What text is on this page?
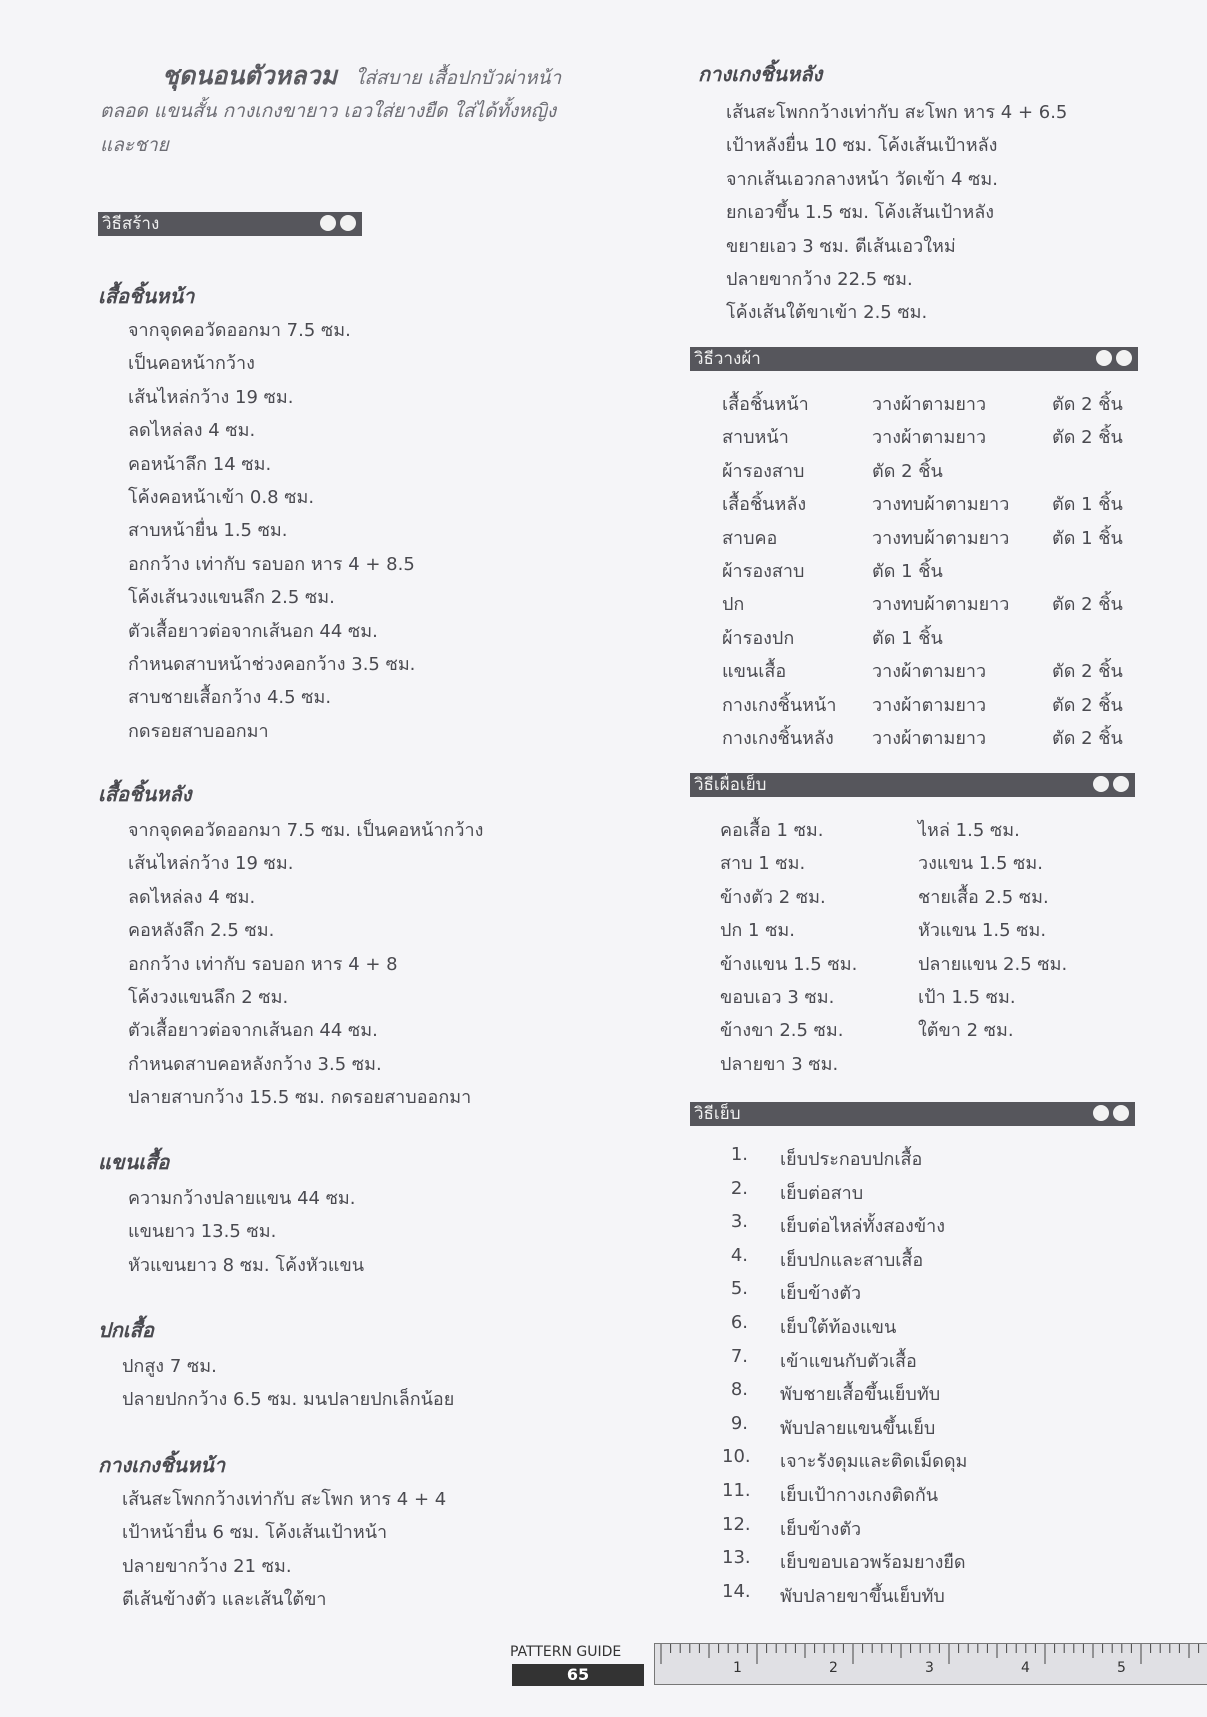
ชุดนอนตัวหลวม ใส่สบาย เสื้อปกบัวผ่าหน้า
ตลอด แขนสั้น กางเกงขายาว เอวใส่ยางยืด ใส่ได้ทั้งหญิง
และชาย
วิธีสร้าง
เสื้อชิ้นหน้า
จากจุดคอวัดออกมา 7.5 ซม.
เป็นคอหน้ากว้าง
เส้นไหล่กว้าง 19 ซม.
ลดไหล่ลง 4 ซม.
คอหน้าลึก 14 ซม.
โค้งคอหน้าเข้า 0.8 ซม.
สาบหน้ายื่น 1.5 ซม.
อกกว้าง เท่ากับ รอบอก หาร 4 + 8.5
โค้งเส้นวงแขนลึก 2.5 ซม.
ตัวเสื้อยาวต่อจากเส้นอก 44 ซม.
กำหนดสาบหน้าช่วงคอกว้าง 3.5 ซม.
สาบชายเสื้อกว้าง 4.5 ซม.
กดรอยสาบออกมา
เสื้อชิ้นหลัง
จากจุดคอวัดออกมา 7.5 ซม. เป็นคอหน้ากว้าง
เส้นไหล่กว้าง 19 ซม.
ลดไหล่ลง 4 ซม.
คอหลังลึก 2.5 ซม.
อกกว้าง เท่ากับ รอบอก หาร 4 + 8
โค้งวงแขนลึก 2 ซม.
ตัวเสื้อยาวต่อจากเส้นอก 44 ซม.
กำหนดสาบคอหลังกว้าง 3.5 ซม.
ปลายสาบกว้าง 15.5 ซม. กดรอยสาบออกมา
แขนเสื้อ
ความกว้างปลายแขน 44 ซม.
แขนยาว 13.5 ซม.
หัวแขนยาว 8 ซม. โค้งหัวแขน
ปกเสื้อ
ปกสูง 7 ซม.
ปลายปกกว้าง 6.5 ซม. มนปลายปกเล็กน้อย
กางเกงชิ้นหน้า
เส้นสะโพกกว้างเท่ากับ สะโพก หาร 4 + 4
เป้าหน้ายื่น 6 ซม. โค้งเส้นเป้าหน้า
ปลายขากว้าง 21 ซม.
ตีเส้นข้างตัว และเส้นใต้ขา
กางเกงชิ้นหลัง
เส้นสะโพกกว้างเท่ากับ สะโพก หาร 4 + 6.5
เป้าหลังยื่น 10 ซม. โค้งเส้นเป้าหลัง
จากเส้นเอวกลางหน้า วัดเข้า 4 ซม.
ยกเอวขึ้น 1.5 ซม. โค้งเส้นเป้าหลัง
ขยายเอว 3 ซม. ตีเส้นเอวใหม่
ปลายขากว้าง 22.5 ซม.
โค้งเส้นใต้ขาเข้า 2.5 ซม.
วิธีวางผ้า
เสื้อชิ้นหน้า	วางผ้าตามยาว	ตัด 2 ชิ้น
สาบหน้า	วางผ้าตามยาว	ตัด 2 ชิ้น
ผ้ารองสาบ	ตัด 2 ชิ้น
เสื้อชิ้นหลัง	วางทบผ้าตามยาว ตัด 1 ชิ้น
สาบคอ	วางทบผ้าตามยาว ตัด 1 ชิ้น
ผ้ารองสาบ	ตัด 1 ชิ้น
ปก	วางทบผ้าตามยาว ตัด 2 ชิ้น
ผ้ารองปก	ตัด 1 ชิ้น
แขนเสื้อ	วางผ้าตามยาว	ตัด 2 ชิ้น
กางเกงชิ้นหน้า วางผ้าตามยาว	ตัด 2 ชิ้น
กางเกงชิ้นหลัง วางผ้าตามยาว	ตัด 2 ชิ้น
วิธีเผื่อเย็บ
คอเสื้อ 1 ซม.	ไหล่ 1.5 ซม.
สาบ 1 ซม.	วงแขน 1.5 ซม.
ข้างตัว 2 ซม.	ชายเสื้อ 2.5 ซม.
ปก 1 ซม.	หัวแขน 1.5 ซม.
ข้างแขน 1.5 ซม.	ปลายแขน 2.5 ซม.
ขอบเอว 3 ซม.	เป้า 1.5 ซม.
ข้างขา 2.5 ซม.	ใต้ขา 2 ซม.
ปลายขา 3 ซม.
วิธีเย็บ
1. เย็บประกอบปกเสื้อ
2. เย็บต่อสาบ
3. เย็บต่อไหล่ทั้งสองข้าง
4. เย็บปกและสาบเสื้อ
5. เย็บข้างตัว
6. เย็บใต้ท้องแขน
7. เข้าแขนกับตัวเสื้อ
8. พับชายเสื้อขึ้นเย็บทับ
9. พับปลายแขนขึ้นเย็บ
10. เจาะรังดุมและติดเม็ดดุม
11. เย็บเป้ากางเกงติดกัน
12. เย็บข้างตัว
13. เย็บขอบเอวพร้อมยางยืด
14. พับปลายขาขึ้นเย็บทับ
PATTERN GUIDE
65	1	2	3	4	5
